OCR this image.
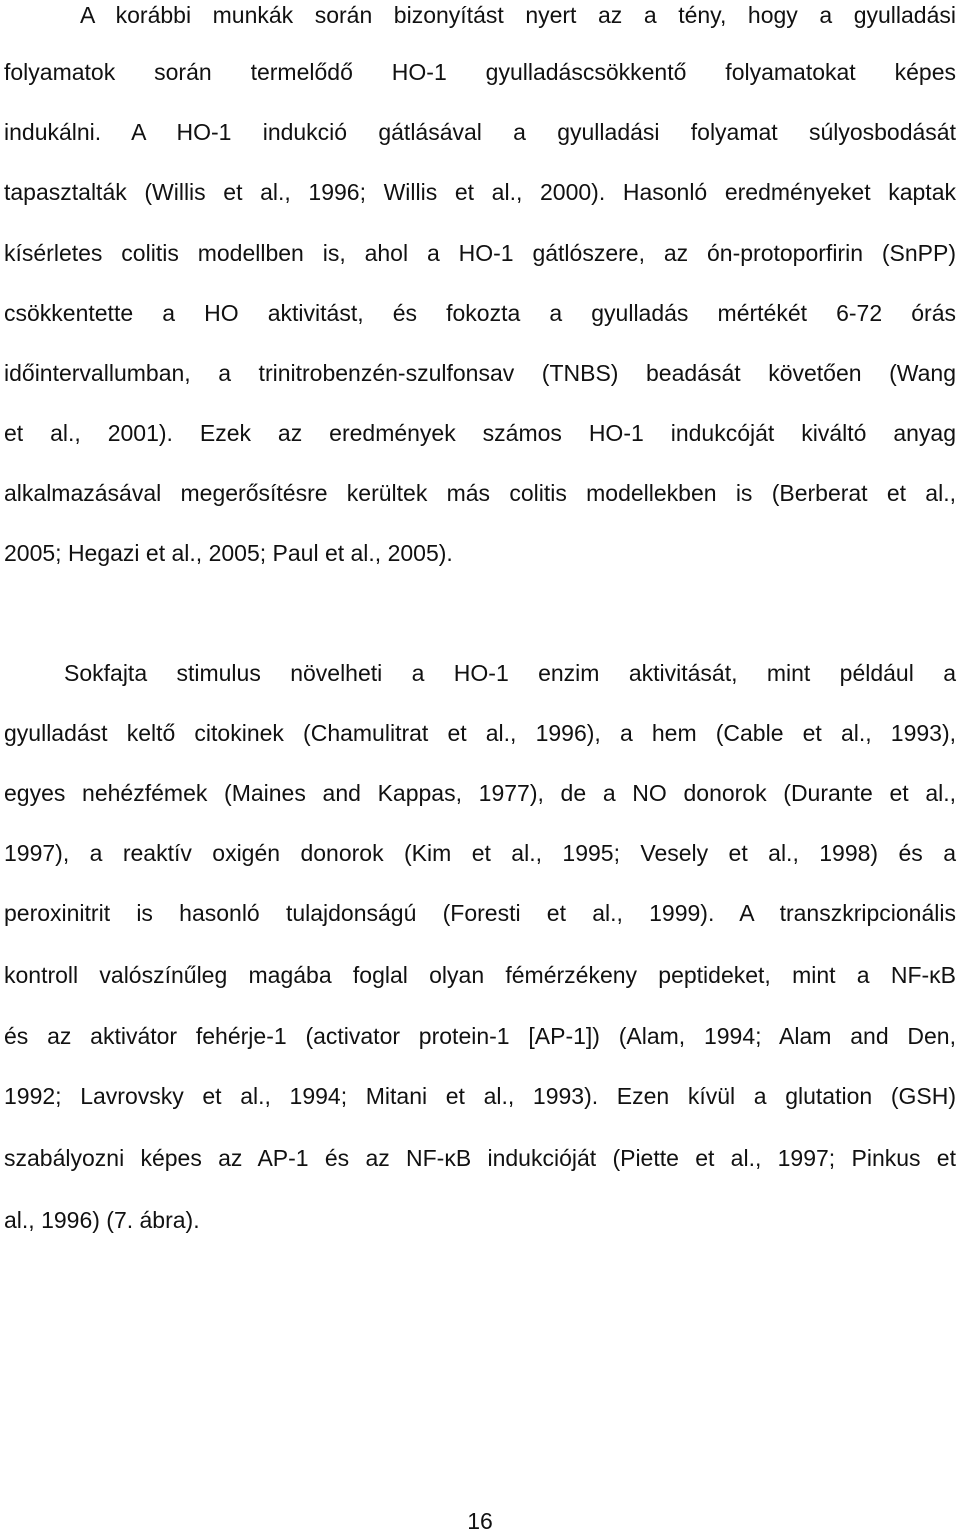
A korábbi munkák során bizonyítást nyert az a tény, hogy a gyulladási
folyamatok során termelődő HO-1 gyulladáscsökkentő folyamatokat képes
indukálni. A HO-1 indukció gátlásával a gyulladási folyamat súlyosbodását
tapasztalták (Willis et al., 1996; Willis et al., 2000). Hasonló eredményeket kaptak
kísérletes colitis modellben is, ahol a HO-1 gátlószere, az ón-protoporfirin (SnPP)
csökkentette a HO aktivitást, és fokozta a gyulladás mértékét 6-72 órás
időintervallumban, a trinitrobenzén-szulfonsav (TNBS) beadását követően (Wang
et al., 2001). Ezek az eredmények számos HO-1 indukcóját kiváltó anyag
alkalmazásával megerősítésre kerültek más colitis modellekben is (Berberat et al.,
2005; Hegazi et al., 2005; Paul et al., 2005).
Sokfajta stimulus növelheti a HO-1 enzim aktivitását, mint például a
gyulladást keltő citokinek (Chamulitrat et al., 1996), a hem (Cable et al., 1993),
egyes nehézfémek (Maines and Kappas, 1977), de a NO donorok (Durante et al.,
1997), a reaktív oxigén donorok (Kim et al., 1995; Vesely et al., 1998) és a
peroxinitrit is hasonló tulajdonságú (Foresti et al., 1999). A transzkripcionális
kontroll valószínűleg magába foglal olyan fémérzékeny peptideket, mint a NF-κB
és az aktivátor fehérje-1 (activator protein-1 [AP-1]) (Alam, 1994; Alam and Den,
1992; Lavrovsky et al., 1994; Mitani et al., 1993). Ezen kívül a glutation (GSH)
szabályozni képes az AP-1 és az NF-κB indukcióját (Piette et al., 1997; Pinkus et
al., 1996) (7. ábra).
16
